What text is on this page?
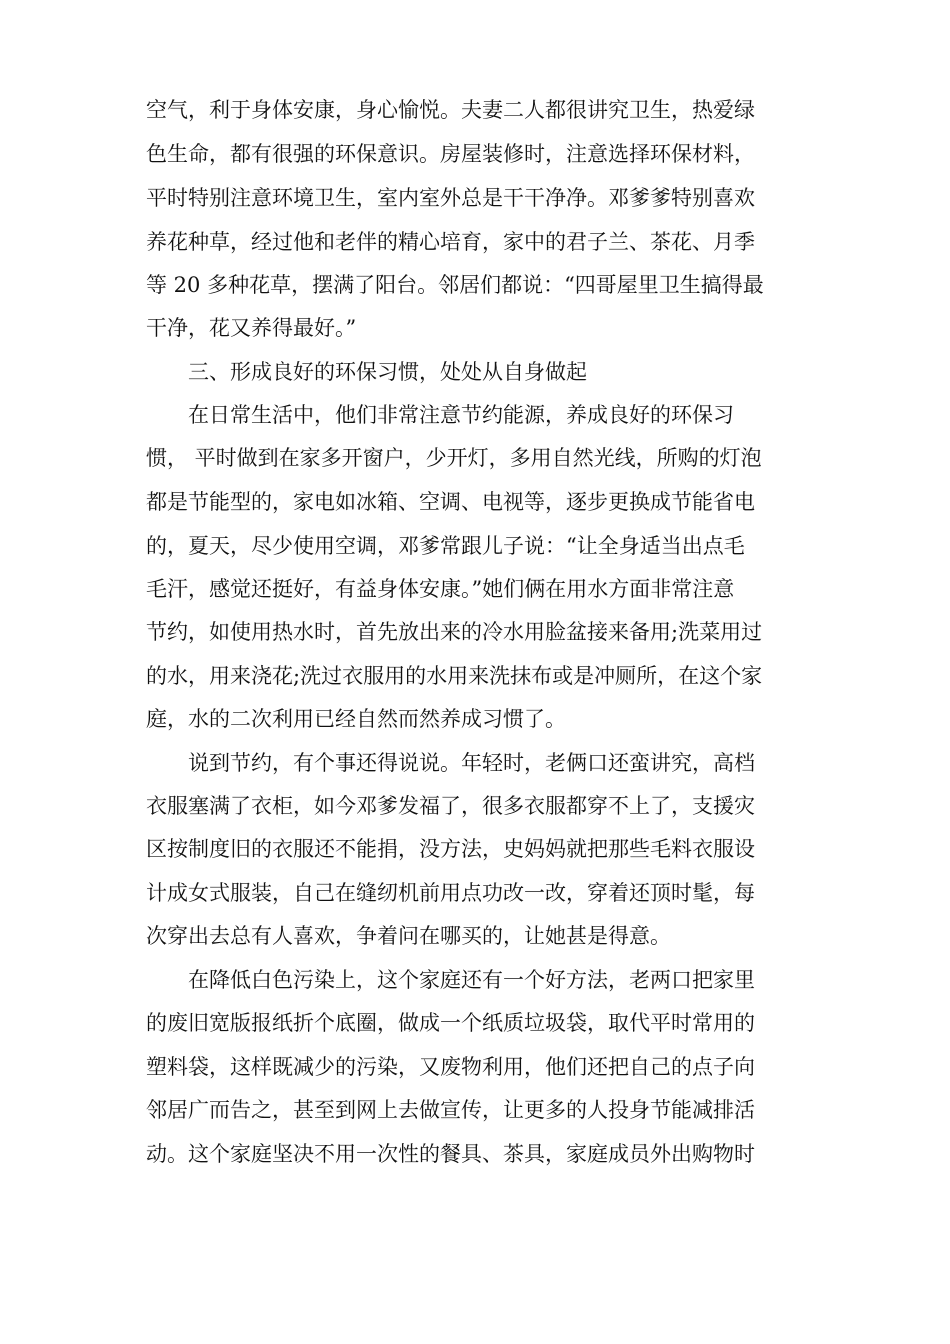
空气，利于身体安康，身心愉悦。夫妻二人都很讲究卫生，热爱绿
色生命，都有很强的环保意识。房屋装修时，注意选择环保材料，
平时特别注意环境卫生，室内室外总是干干净净。邓爹爹特别喜欢
养花种草，经过他和老伴的精心培育，家中的君子兰、茶花、月季
等 20 多种花草，摆满了阳台。邻居们都说：“四哥屋里卫生搞得最
干净，花又养得最好。”
三、形成良好的环保习惯，处处从自身做起
在日常生活中，他们非常注意节约能源，养成良好的环保习
惯， 平时做到在家多开窗户，少开灯，多用自然光线，所购的灯泡
都是节能型的，家电如冰箱、空调、电视等，逐步更换成节能省电
的，夏天，尽少使用空调，邓爹常跟儿子说：“让全身适当出点毛
毛汗，感觉还挺好，有益身体安康。”她们俩在用水方面非常注意
节约，如使用热水时，首先放出来的冷水用脸盆接来备用;洗菜用过
的水，用来浇花;洗过衣服用的水用来洗抹布或是冲厕所，在这个家
庭，水的二次利用已经自然而然养成习惯了。
说到节约，有个事还得说说。年轻时，老俩口还蛮讲究，高档
衣服塞满了衣柜，如今邓爹发福了，很多衣服都穿不上了，支援灾
区按制度旧的衣服还不能捐，没方法，史妈妈就把那些毛料衣服设
计成女式服装，自己在缝纫机前用点功改一改，穿着还顶时髦，每
次穿出去总有人喜欢，争着问在哪买的，让她甚是得意。
在降低白色污染上，这个家庭还有一个好方法，老两口把家里
的废旧宽版报纸折个底圈，做成一个纸质垃圾袋，取代平时常用的
塑料袋，这样既减少的污染，又废物利用，他们还把自己的点子向
邻居广而告之，甚至到网上去做宣传，让更多的人投身节能减排活
动。这个家庭坚决不用一次性的餐具、茶具，家庭成员外出购物时
